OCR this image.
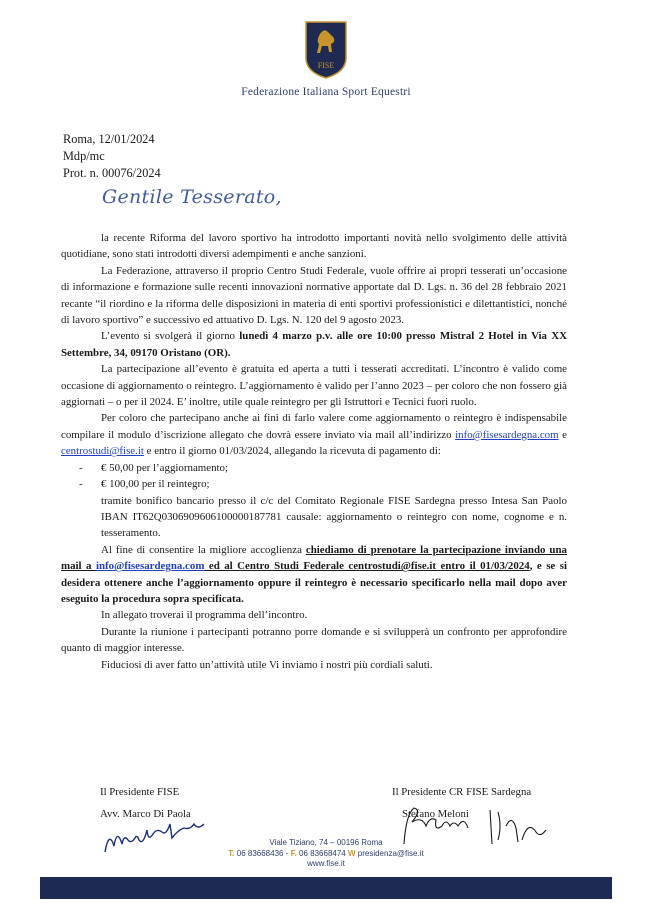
FISE
Federazione Italiana Sport Equestri
Roma, 12/01/2024
Mdp/mc
Prot. n. 00076/2024
Gentile Tesserato,

la recente Riforma del lavoro sportivo ha introdotto importanti novità nello svolgimento delle attività quotidiane, sono stati introdotti diversi adempimenti e anche sanzioni.

La Federazione, attraverso il proprio Centro Studi Federale, vuole offrire ai propri tesserati un’occasione di informazione e formazione sulle recenti innovazioni normative apportate dal D. Lgs. n. 36 del 28 febbraio 2021 recante “il riordino e la riforma delle disposizioni in materia di enti sportivi professionistici e dilettantistici, nonché di lavoro sportivo” e successivo ed attuativo D. Lgs. N. 120 del 9 agosto 2023.

L’evento si svolgerà il giorno lunedì 4 marzo p.v. alle ore 10:00 presso Mistral 2 Hotel in Via XX Settembre, 34, 09170 Oristano (OR).

La partecipazione all’evento è gratuita ed aperta a tutti i tesserati accreditati. L’incontro è valido come occasione di aggiornamento o reintegro. L’aggiornamento è valido per l’anno 2023 – per coloro che non fossero già aggiornati – o per il 2024. E’ inoltre, utile quale reintegro per gli Istruttori e Tecnici fuori ruolo.

Per coloro che partecipano anche ai fini di farlo valere come aggiornamento o reintegro è indispensabile compilare il modulo d’iscrizione allegato che dovrà essere inviato via mail all’indirizzo info@fisesardegna.com e centrostudi@fise.it e entro il giorno 01/03/2024, allegando la ricevuta di pagamento di:

- € 50,00 per l’aggiornamento;
- € 100,00 per il reintegro;

tramite bonifico bancario presso il c/c del Comitato Regionale FISE Sardegna presso Intesa San Paolo IBAN IT62Q0306909606100000187781 causale: aggiornamento o reintegro con nome, cognome e n. tesseramento.

Al fine di consentire la migliore accoglienza chiediamo di prenotare la partecipazione inviando una mail a info@fisesardegna.com ed al Centro Studi Federale centrostudi@fise.it entro il 01/03/2024, e se si desidera ottenere anche l’aggiornamento oppure il reintegro è necessario specificarlo nella mail dopo aver eseguito la procedura sopra specificata.

In allegato troverai il programma dell’incontro.

Durante la riunione i partecipanti potranno porre domande e si svilupperà un confronto per approfondire quanto di maggior interesse.

Fiduciosi di aver fatto un’attività utile Vi inviamo i nostri più cordiali saluti.

Il Presidente FISE
Avv. Marco Di Paola
Il Presidente CR FISE Sardegna
Stefano Meloni
Viale Tiziano, 74 – 00196 Roma
T. 06 83668436 - F. 06 83668474 W presidenza@fise.it
www.fise.it
